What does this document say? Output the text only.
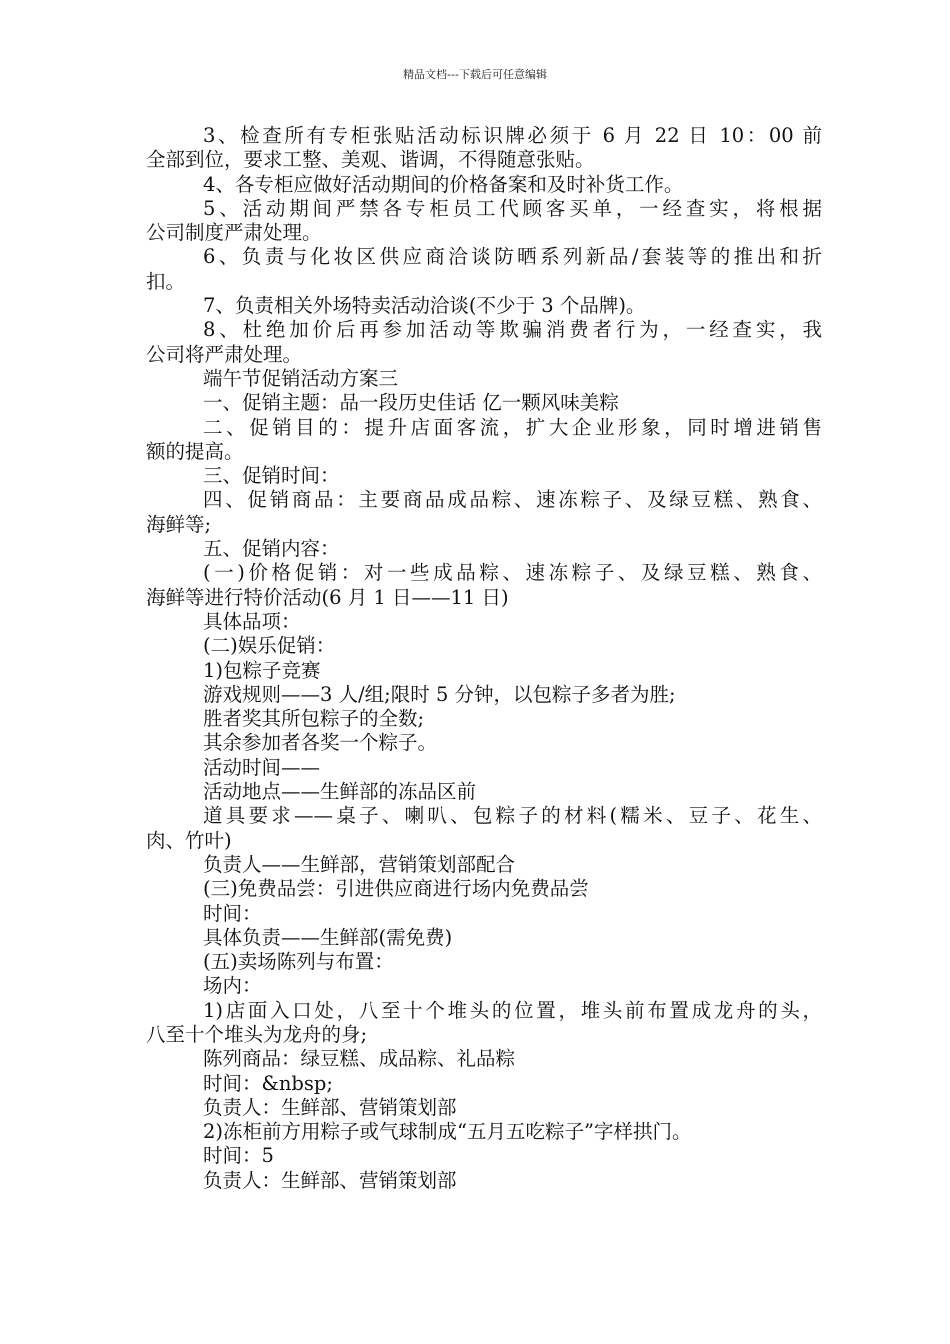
精品文档---下载后可任意编辑
3、检查所有专柜张贴活动标识牌必须于 6 月 22 日 10：00 前
全部到位，要求工整、美观、谐调，不得随意张贴。
4、各专柜应做好活动期间的价格备案和及时补货工作。
5、活动期间严禁各专柜员工代顾客买单，一经查实，将根据
公司制度严肃处理。
6、负责与化妆区供应商洽谈防晒系列新品/套装等的推出和折
扣。
7、负责相关外场特卖活动洽谈(不少于 3 个品牌)。
8、杜绝加价后再参加活动等欺骗消费者行为，一经查实，我
公司将严肃处理。
端午节促销活动方案三
一、促销主题：品一段历史佳话 亿一颗风味美粽
二、促销目的：提升店面客流，扩大企业形象，同时增进销售
额的提高。
三、促销时间：
四、促销商品：主要商品成品粽、速冻粽子、及绿豆糕、熟食、
海鲜等;
五、促销内容：
(一)价格促销：对一些成品粽、速冻粽子、及绿豆糕、熟食、
海鲜等进行特价活动(6 月 1 日——11 日)
具体品项：
(二)娱乐促销：
1)包粽子竞赛
游戏规则——3 人/组;限时 5 分钟，以包粽子多者为胜;
胜者奖其所包粽子的全数;
其余参加者各奖一个粽子。
活动时间——
活动地点——生鲜部的冻品区前
道具要求——桌子、喇叭、包粽子的材料(糯米、豆子、花生、
肉、竹叶)
负责人——生鲜部，营销策划部配合
(三)免费品尝：引进供应商进行场内免费品尝
时间：
具体负责——生鲜部(需免费)
(五)卖场陈列与布置：
场内：
1)店面入口处，八至十个堆头的位置，堆头前布置成龙舟的头，
八至十个堆头为龙舟的身;
陈列商品：绿豆糕、成品粽、礼品粽
时间：&nbsp;
负责人：生鲜部、营销策划部
2)冻柜前方用粽子或气球制成“五月五吃粽子”字样拱门。
时间：5
负责人：生鲜部、营销策划部
